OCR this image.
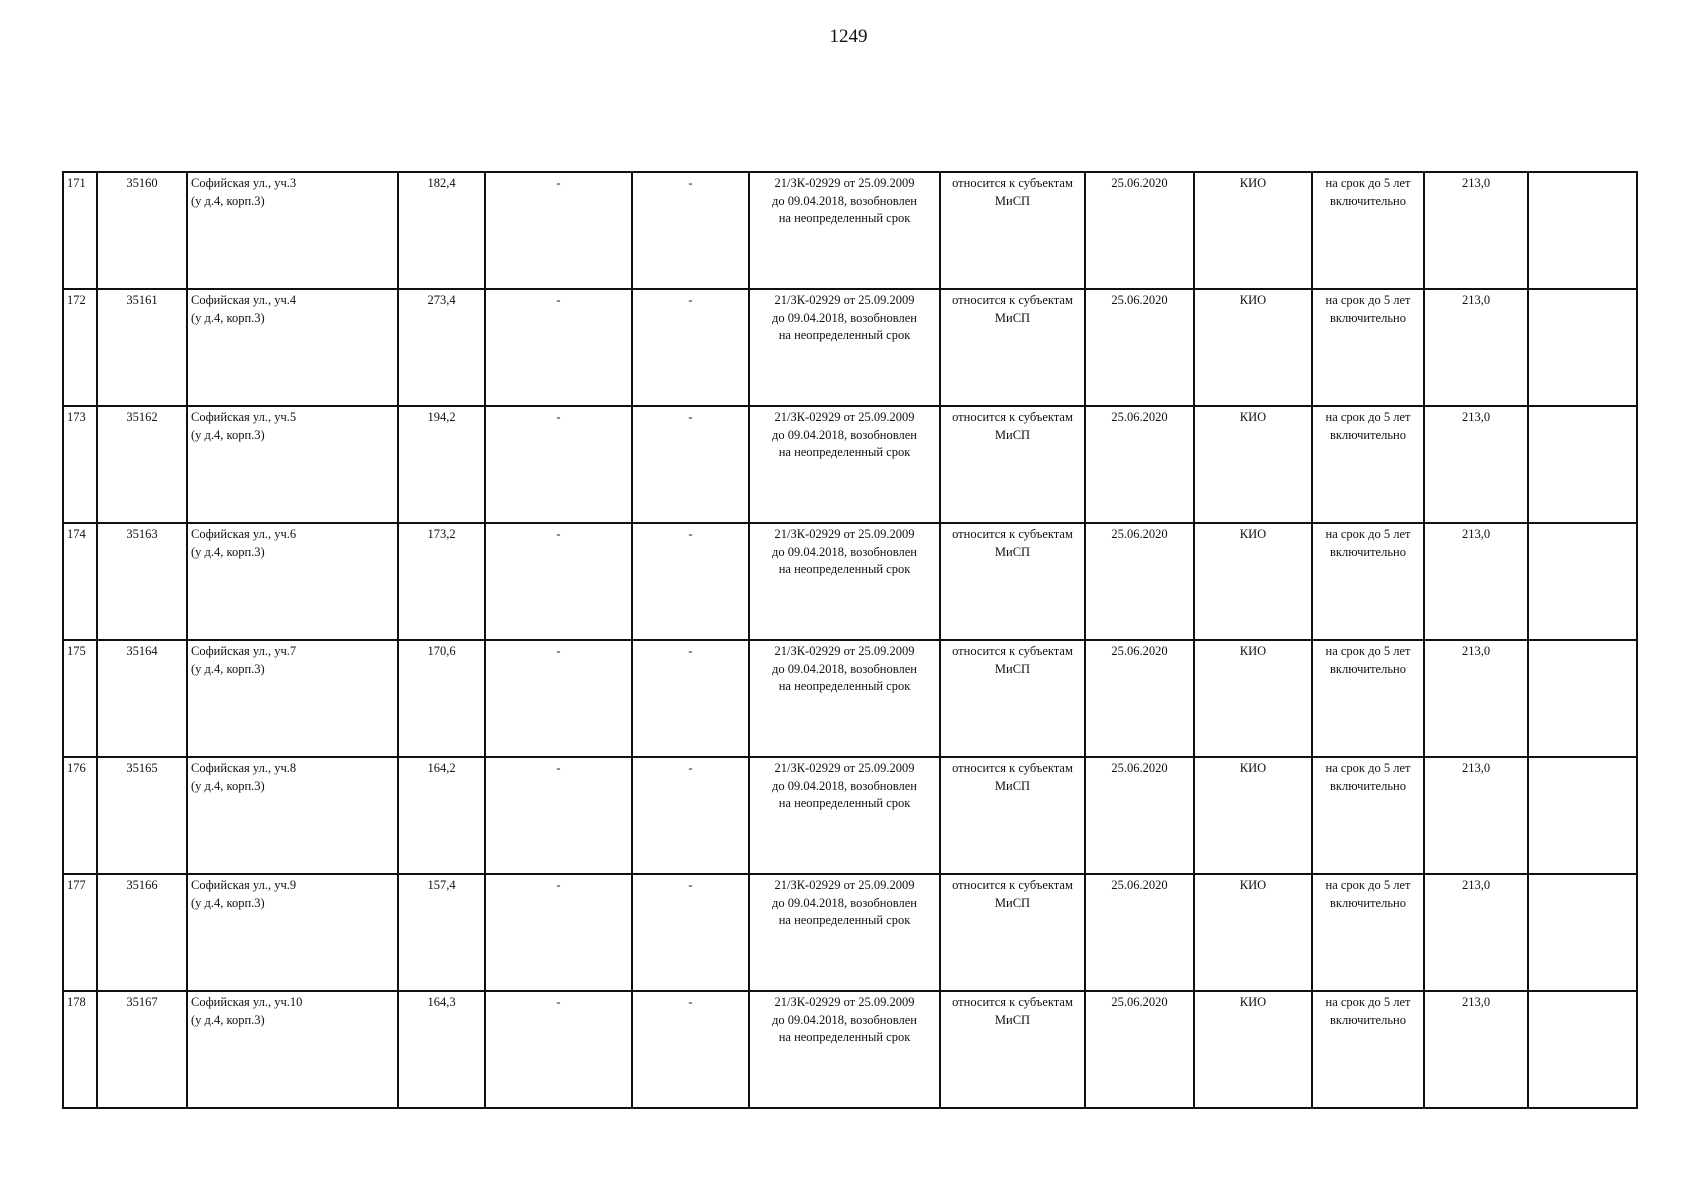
1249
171	35160	Софийская ул., уч.3
(у д.4, корп.3)	182,4	-	-	21/ЗК-02929 от 25.09.2009
до 09.04.2018, возобновлен
на неопределенный срок	относится к субъектам
МиСП	25.06.2020	КИО	на срок до 5 лет
включительно	213,0	
172	35161	Софийская ул., уч.4
(у д.4, корп.3)	273,4	-	-	21/ЗК-02929 от 25.09.2009
до 09.04.2018, возобновлен
на неопределенный срок	относится к субъектам
МиСП	25.06.2020	КИО	на срок до 5 лет
включительно	213,0	
173	35162	Софийская ул., уч.5
(у д.4, корп.3)	194,2	-	-	21/ЗК-02929 от 25.09.2009
до 09.04.2018, возобновлен
на неопределенный срок	относится к субъектам
МиСП	25.06.2020	КИО	на срок до 5 лет
включительно	213,0	
174	35163	Софийская ул., уч.6
(у д.4, корп.3)	173,2	-	-	21/ЗК-02929 от 25.09.2009
до 09.04.2018, возобновлен
на неопределенный срок	относится к субъектам
МиСП	25.06.2020	КИО	на срок до 5 лет
включительно	213,0	
175	35164	Софийская ул., уч.7
(у д.4, корп.3)	170,6	-	-	21/ЗК-02929 от 25.09.2009
до 09.04.2018, возобновлен
на неопределенный срок	относится к субъектам
МиСП	25.06.2020	КИО	на срок до 5 лет
включительно	213,0	
176	35165	Софийская ул., уч.8
(у д.4, корп.3)	164,2	-	-	21/ЗК-02929 от 25.09.2009
до 09.04.2018, возобновлен
на неопределенный срок	относится к субъектам
МиСП	25.06.2020	КИО	на срок до 5 лет
включительно	213,0	
177	35166	Софийская ул., уч.9
(у д.4, корп.3)	157,4	-	-	21/ЗК-02929 от 25.09.2009
до 09.04.2018, возобновлен
на неопределенный срок	относится к субъектам
МиСП	25.06.2020	КИО	на срок до 5 лет
включительно	213,0	
178	35167	Софийская ул., уч.10
(у д.4, корп.3)	164,3	-	-	21/ЗК-02929 от 25.09.2009
до 09.04.2018, возобновлен
на неопределенный срок	относится к субъектам
МиСП	25.06.2020	КИО	на срок до 5 лет
включительно	213,0	
